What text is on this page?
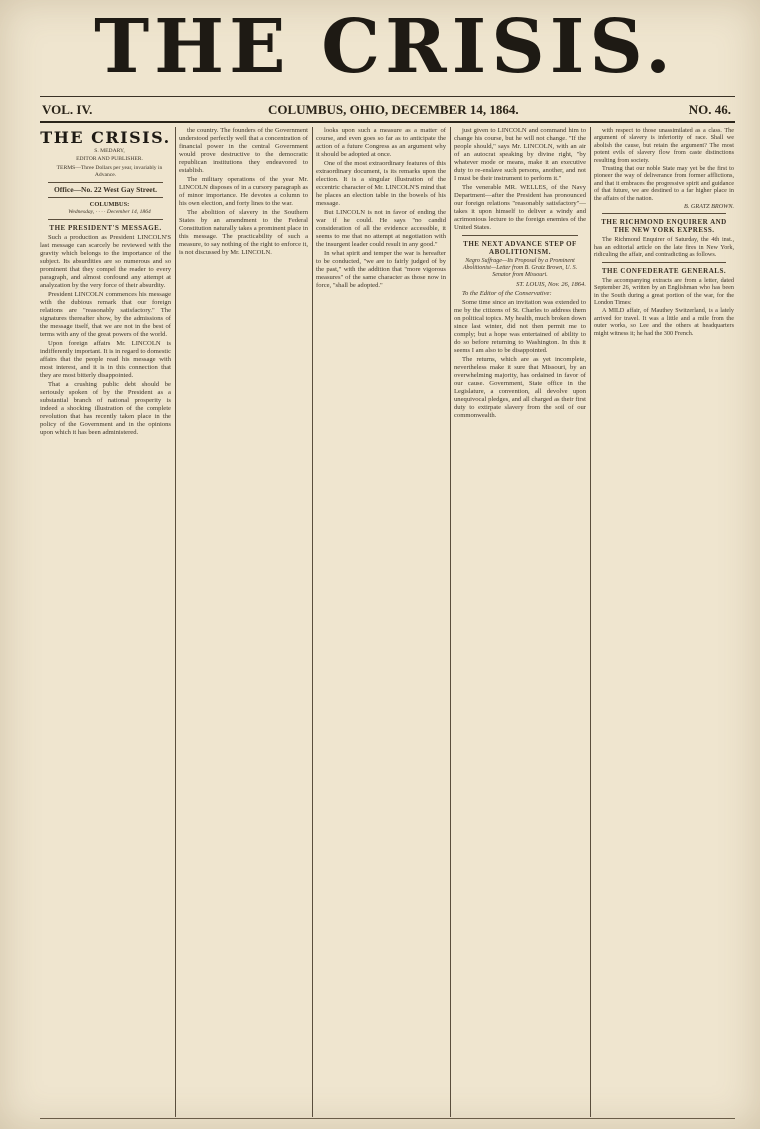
THE CRISIS.
VOL. IV.	COLUMBUS, OHIO, DECEMBER 14, 1864.	NO. 46.
THE CRISIS.

S. MEDARY,

EDITOR AND PUBLISHER.

TERMS—Three Dollars per year, invariably in Advance.

Office—No. 22 West Gay Street.

COLUMBUS:

Wednesday, · · · · December 14, 1864

THE PRESIDENT'S MESSAGE.

Such a production as President LINCOLN'S last message can scarcely be reviewed with the gravity which belongs to the importance of the subject. Its absurdities are so numerous and so prominent that they compel the reader to every paragraph, and almost confound any attempt at analyzation by the very force of their absurdity.

President LINCOLN commences his message with the dubious remark that our foreign relations are "reasonably satisfactory." The signatures thereafter show, by the admissions of the message itself, that we are not in the best of terms with any of the great powers of the world.

Upon foreign affairs Mr. LINCOLN is indifferently important. It is in regard to domestic affairs that the people read his message with most interest, and it is in this connection that they are most bitterly disappointed.

That a crushing public debt should be seriously spoken of by the President as a substantial branch of national prosperity is indeed a shocking illustration of the complete revolution that has recently taken place in the policy of the Government and in the opinions upon which it has been administered.

the country. The founders of the Government understood perfectly well that a concentration of financial power in the central Government would prove destructive to the democratic republican institutions they endeavored to establish.

The military operations of the year Mr. LINCOLN disposes of in a cursory paragraph as of minor importance. He devotes a column to his own election, and forty lines to the war.

The abolition of slavery in the Southern States by an amendment to the Federal Constitution naturally takes a prominent place in this message. The practicability of such a measure, to say nothing of the right to enforce it, is not discussed by Mr. LINCOLN.

looks upon such a measure as a matter of course, and even goes so far as to anticipate the action of a future Congress as an argument why it should be adopted at once.

One of the most extraordinary features of this extraordinary document, is its remarks upon the election. It is a singular illustration of the eccentric character of Mr. LINCOLN'S mind that he places an election table in the bowels of his message.

But LINCOLN is not in favor of ending the war if he could. He says "no candid consideration of all the evidence accessible, it seems to me that no attempt at negotiation with the insurgent leader could result in any good."

In what spirit and temper the war is hereafter to be conducted, "we are to fairly judged of by the past," with the addition that "more vigorous measures" of the same character as those now in force, "shall be adopted."

just given to LINCOLN and command him to change his course, but he will not change. "If the people should," says Mr. LINCOLN, with an air of an autocrat speaking by divine right, "by whatever mode or means, make it an executive duty to re-enslave such persons, another, and not I must be their instrument to perform it."

The venerable MR. WELLES, of the Navy Department—after the President has pronounced our foreign relations "reasonably satisfactory"—takes it upon himself to deliver a windy and acrimonious lecture to the foreign enemies of the United States.

THE NEXT ADVANCE STEP OF ABOLITIONISM.
Negro Suffrage—Its Proposal by a Prominent Abolitionist—Letter from B. Gratz Brown, U. S. Senator from Missouri.

ST. LOUIS, Nov. 26, 1864.

To the Editor of the Conservative:

Some time since an invitation was extended to me by the citizens of St. Charles to address them on political topics. My health, much broken down since last winter, did not then permit me to comply; but a hope was entertained of ability to do so before returning to Washington. In this it seems I am also to be disappointed.

The returns, which are as yet incomplete, nevertheless make it sure that Missouri, by an overwhelming majority, has ordained in favor of our cause. Government, State office in the Legislature, a convention, all devolve upon unequivocal pledges, and all charged as their first duty to extirpate slavery from the soil of our commonwealth.

with respect to those unassimilated as a class. The argument of slavery is inferiority of race. Shall we abolish the cause, but retain the argument? The most potent evils of slavery flow from caste distinctions resulting from society.

Trusting that our noble State may yet be the first to pioneer the way of deliverance from former afflictions, and that it embraces the progressive spirit and guidance of that future, we are destined to a far higher place in the affairs of the nation.

B. GRATZ BROWN.

THE RICHMOND ENQUIRER AND THE NEW YORK EXPRESS.

The Richmond Enquirer of Saturday, the 4th inst., has an editorial article on the late fires in New York, ridiculing the affair, and contradicting as follows.

THE CONFEDERATE GENERALS.

The accompanying extracts are from a letter, dated September 26, written by an Englishman who has been in the South during a great portion of the war, for the London Times:

A MILD affair, of Mauthey Switzerland, is a lately arrived for travel. It was a little and a mile from the outer works, so Lee and the others at headquarters might witness it; he had the 300 French.
